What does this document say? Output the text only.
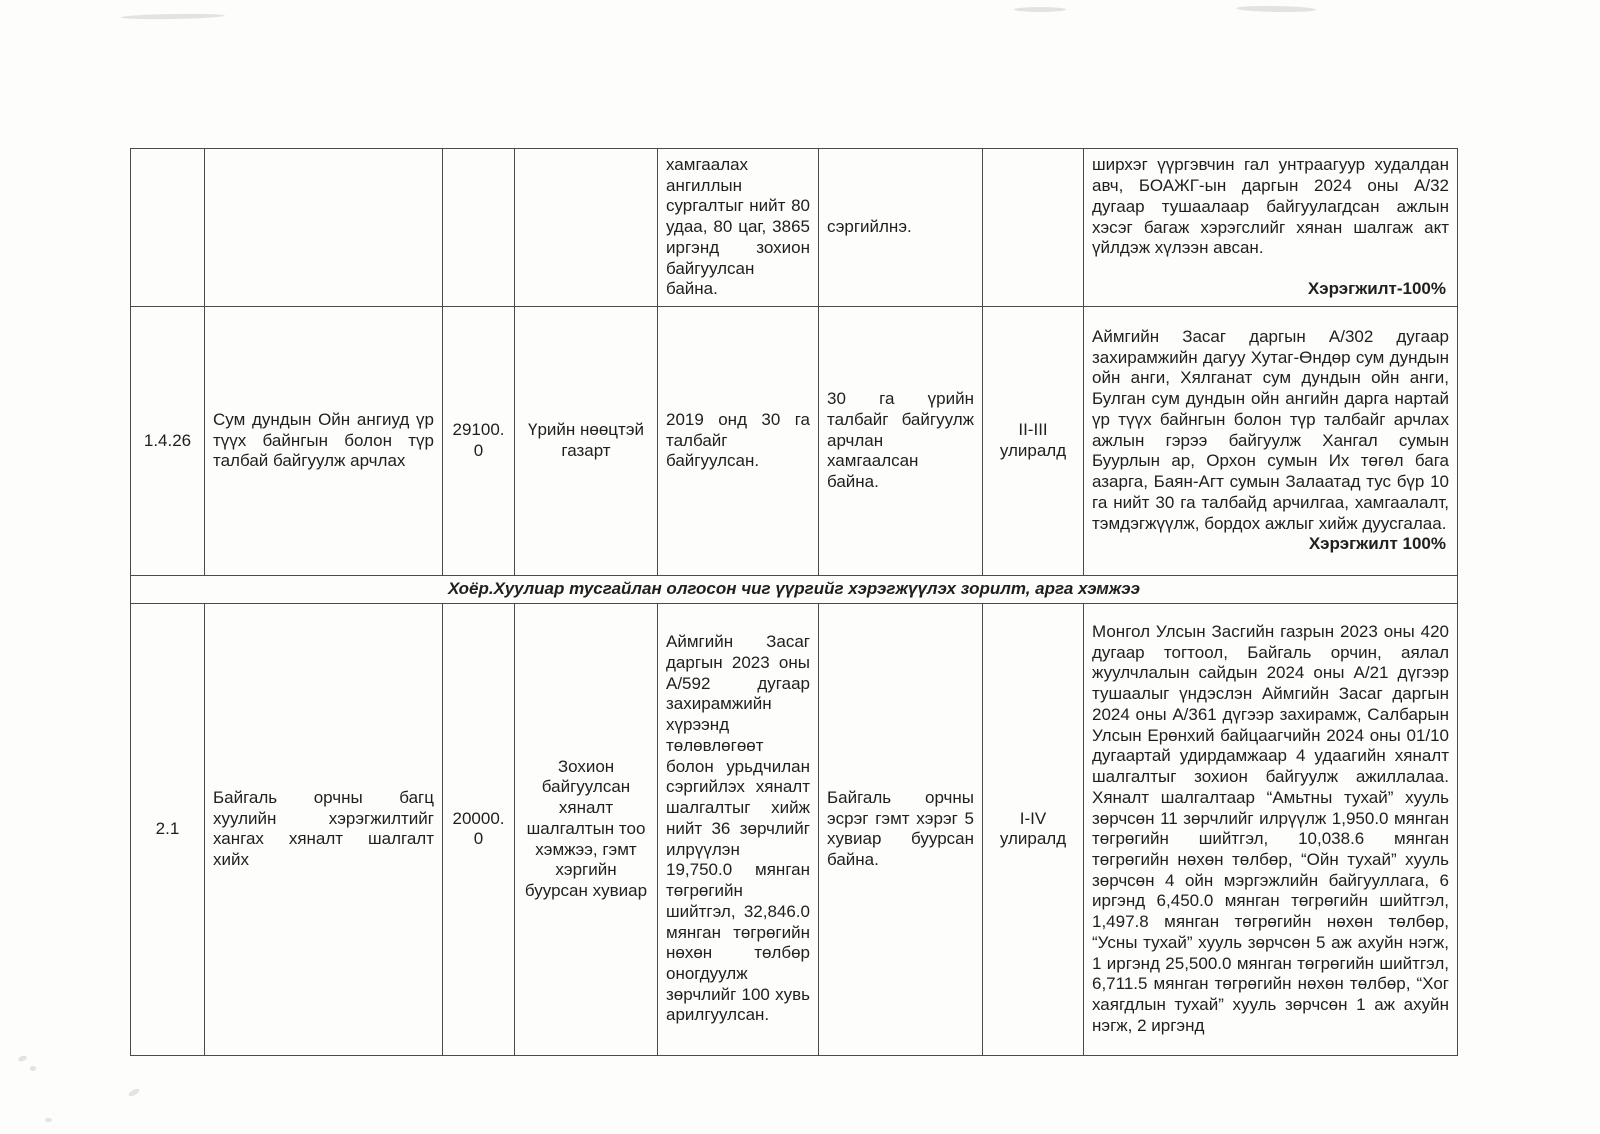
				хамгаалах ангиллын сургалтыг нийт 80 удаа, 80 цаг, 3865 иргэнд зохион байгуулсан байна.	сэргийлнэ.		ширхэг үүргэвчин гал унтраагуур худалдан авч, БОАЖГ-ын даргын 2024 оны А/32 дугаар тушаалаар байгуулагдсан ажлын хэсэг багаж хэрэгслийг хянан шалгаж акт үйлдэж хүлээн авсан.

Хэрэгжилт-100%

1.4.26	Сум дундын Ойн ангиуд үр түүх байнгын болон түр талбай байгуулж арчлах	29100.0	Үрийн нөөцтэй газарт	2019 онд 30 га талбайг байгуулсан.	30 га үрийн талбайг байгуулж арчлан хамгаалсан байна.	II-III улиралд	Аймгийн Засаг даргын А/302 дугаар захирамжийн дагуу Хутаг-Өндөр сум дундын ойн анги, Хялганат сум дундын ойн анги, Булган сум дундын ойн ангийн дарга нартай үр түүх байнгын болон түр талбайг арчлах ажлын гэрээ байгуулж Хангал сумын Буурлын ар, Орхон сумын Их төгөл бага азарга, Баян-Агт сумын Залаатад тус бүр 10 га нийт 30 га талбайд арчилгаа, хамгаалалт, тэмдэгжүүлж, бордох ажлыг хийж дуусгалаа.

Хэрэгжилт 100%

Хоёр.Хуулиар тусгайлан олгосон чиг үүргийг хэрэгжүүлэх зорилт, арга хэмжээ							
2.1	Байгаль орчны багц хуулийн хэрэгжилтийг хангах хяналт шалгалт хийх	20000.0	Зохион байгуулсан хяналт шалгалтын тоо хэмжээ, гэмт хэргийн буурсан хувиар	Аймгийн Засаг даргын 2023 оны А/592 дугаар захирамжийн хүрээнд төлөвлөгөөт болон урьдчилан сэргийлэх хяналт шалгалтыг хийж нийт 36 зөрчлийг илрүүлэн 19,750.0 мянган төгрөгийн шийтгэл, 32,846.0 мянган төгрөгийн нөхөн төлбөр оногдуулж зөрчлийг 100 хувь арилгуулсан.	Байгаль орчны эсрэг гэмт хэрэг 5 хувиар буурсан байна.	I-IV улиралд	

Монгол Улсын Засгийн газрын 2023 оны 420 дугаар тогтоол, Байгаль орчин, аялал жуулчлалын сайдын 2024 оны А/21 дүгээр тушаалыг үндэслэн Аймгийн Засаг даргын 2024 оны А/361 дүгээр захирамж, Салбарын Улсын Ерөнхий байцаагчийн 2024 оны 01/10 дугаартай удирдамжаар 4 удаагийн хяналт шалгалтыг зохион байгуулж ажиллалаа. Хяналт шалгалтаар “Амьтны тухай” хууль зөрчсөн 11 зөрчлийг илрүүлж 1,950.0 мянган төгрөгийн шийтгэл, 10,038.6 мянган төгрөгийн нөхөн төлбөр, “Ойн тухай” хууль зөрчсөн 4 ойн мэргэжлийн байгууллага, 6 иргэнд 6,450.0 мянган төгрөгийн шийтгэл, 1,497.8 мянган төгрөгийн нөхөн төлбөр, “Усны тухай” хууль зөрчсөн 5 аж ахуйн нэгж, 1 иргэнд 25,500.0 мянган төгрөгийн шийтгэл, 6,711.5 мянган төгрөгийн нөхөн төлбөр, “Хог хаягдлын тухай” хууль зөрчсөн 1 аж ахуйн нэгж, 2 иргэнд
